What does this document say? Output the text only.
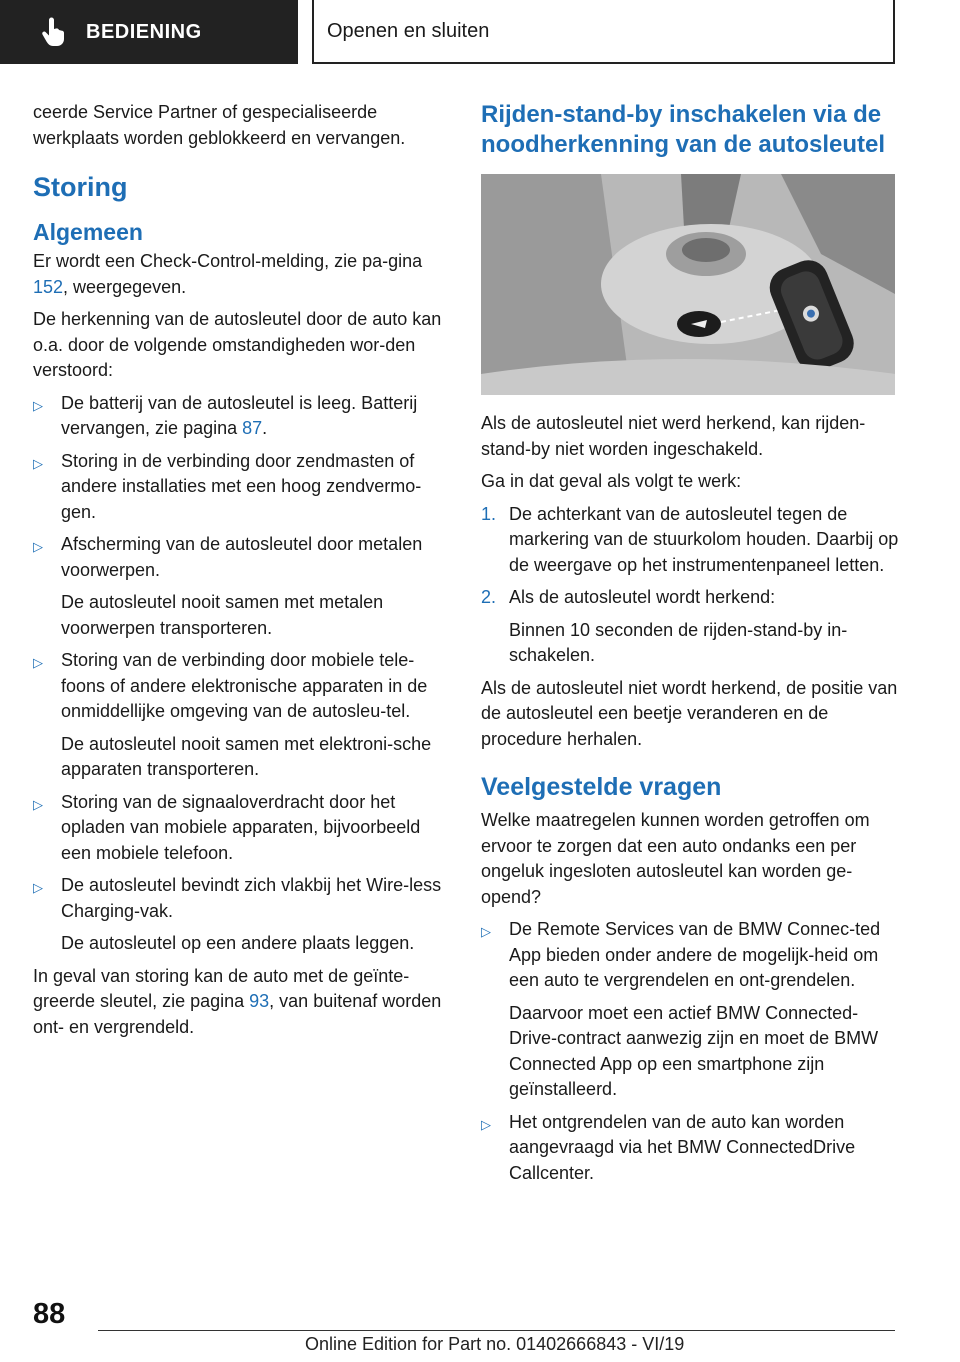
BEDIENING	Openen en sluiten

ceerde Service Partner of gespecialiseerde werkplaats worden geblokkeerd en vervangen.

Storing
Algemeen

Er wordt een Check-Control-melding, zie pa-gina 152, weergegeven.

De herkenning van de autosleutel door de auto kan o.a. door de volgende omstandigheden wor-den verstoord:

▷	De batterij van de autosleutel is leeg. Batterij vervangen, zie pagina 87.
▷	Storing in de verbinding door zendmasten of andere installaties met een hoog zendvermo-gen.
▷	Afscherming van de autosleutel door metalen voorwerpen.
De autosleutel nooit samen met metalen voorwerpen transporteren.
▷	Storing van de verbinding door mobiele tele-foons of andere elektronische apparaten in de onmiddellijke omgeving van de autosleu-tel.
De autosleutel nooit samen met elektroni-sche apparaten transporteren.
▷	Storing van de signaaloverdracht door het opladen van mobiele apparaten, bijvoorbeeld een mobiele telefoon.
▷	De autosleutel bevindt zich vlakbij het Wire-less Charging-vak.
De autosleutel op een andere plaats leggen.

In geval van storing kan de auto met de geïnte-greerde sleutel, zie pagina 93, van buitenaf worden ont- en vergrendeld.

Rijden-stand-by inschakelen via de noodherkenning van de autosleutel

Als de autosleutel niet werd herkend, kan rijden-stand-by niet worden ingeschakeld.

Ga in dat geval als volgt te werk:

1. De achterkant van de autosleutel tegen de markering van de stuurkolom houden. Daarbij op de weergave op het instrumentenpaneel letten.
2. Als de autosleutel wordt herkend:
Binnen 10 seconden de rijden-stand-by in-schakelen.

Als de autosleutel niet wordt herkend, de positie van de autosleutel een beetje veranderen en de procedure herhalen.

Veelgestelde vragen

Welke maatregelen kunnen worden getroffen om ervoor te zorgen dat een auto ondanks een per ongeluk ingesloten autosleutel kan worden ge-opend?

▷	De Remote Services van de BMW Connec-ted App bieden onder andere de mogelijk-heid om een auto te vergrendelen en ont-grendelen.
Daarvoor moet een actief BMW Connected-Drive-contract aanwezig zijn en moet de BMW Connected App op een smartphone zijn geïnstalleerd.
▷	Het ontgrendelen van de auto kan worden aangevraagd via het BMW ConnectedDrive Callcenter.
88
Online Edition for Part no. 01402666843 - VI/19
